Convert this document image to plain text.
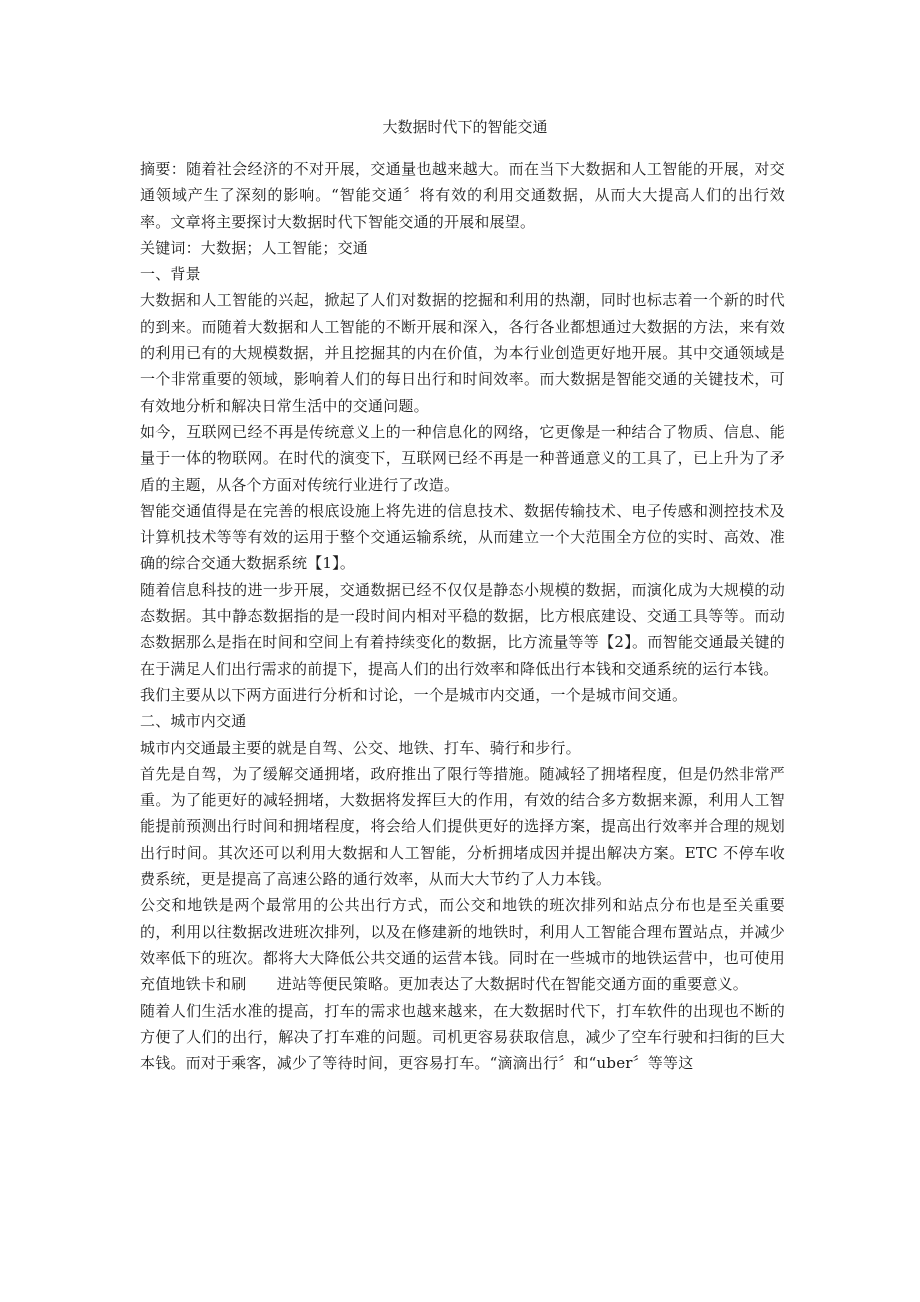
大数据时代下的智能交通

摘要：随着社会经济的不对开展，交通量也越来越大。而在当下大数据和人工智能的开展，对交通领域产生了深刻的影响。“智能交通〞将有效的利用交通数据，从而大大提高人们的出行效率。文章将主要探讨大数据时代下智能交通的开展和展望。

关键词：大数据；人工智能；交通

一、背景

大数据和人工智能的兴起，掀起了人们对数据的挖掘和利用的热潮，同时也标志着一个新的时代的到来。而随着大数据和人工智能的不断开展和深入，各行各业都想通过大数据的方法，来有效的利用已有的大规模数据，并且挖掘其的内在价值，为本行业创造更好地开展。其中交通领域是一个非常重要的领域，影响着人们的每日出行和时间效率。而大数据是智能交通的关键技术，可有效地分析和解决日常生活中的交通问题。

如今，互联网已经不再是传统意义上的一种信息化的网络，它更像是一种结合了物质、信息、能量于一体的物联网。在时代的演变下，互联网已经不再是一种普通意义的工具了，已上升为了矛盾的主题，从各个方面对传统行业进行了改造。

智能交通值得是在完善的根底设施上将先进的信息技术、数据传输技术、电子传感和测控技术及计算机技术等等有效的运用于整个交通运输系统，从而建立一个大范围全方位的实时、高效、准确的综合交通大数据系统【1】。

随着信息科技的进一步开展，交通数据已经不仅仅是静态小规模的数据，而演化成为大规模的动态数据。其中静态数据指的是一段时间内相对平稳的数据，比方根底建设、交通工具等等。而动态数据那么是指在时间和空间上有着持续变化的数据，比方流量等等【2】。而智能交通最关键的在于满足人们出行需求的前提下，提高人们的出行效率和降低出行本钱和交通系统的运行本钱。

我们主要从以下两方面进行分析和讨论，一个是城市内交通，一个是城市间交通。

二、城市内交通

城市内交通最主要的就是自驾、公交、地铁、打车、骑行和步行。

首先是自驾，为了缓解交通拥堵，政府推出了限行等措施。随减轻了拥堵程度，但是仍然非常严重。为了能更好的减轻拥堵，大数据将发挥巨大的作用，有效的结合多方数据来源，利用人工智能提前预测出行时间和拥堵程度，将会给人们提供更好的选择方案，提高出行效率并合理的规划出行时间。其次还可以利用大数据和人工智能，分析拥堵成因并提出解决方案。ETC 不停车收费系统，更是提高了高速公路的通行效率，从而大大节约了人力本钱。

公交和地铁是两个最常用的公共出行方式，而公交和地铁的班次排列和站点分布也是至关重要的，利用以往数据改进班次排列，以及在修建新的地铁时，利用人工智能合理布置站点，并减少效率低下的班次。都将大大降低公共交通的运营本钱。同时在一些城市的地铁运营中，也可使用　　充值地铁卡和刷　　进站等便民策略。更加表达了大数据时代在智能交通方面的重要意义。

随着人们生活水准的提高，打车的需求也越来越来，在大数据时代下，打车软件的出现也不断的方便了人们的出行，解决了打车难的问题。司机更容易获取信息，减少了空车行驶和扫街的巨大本钱。而对于乘客，减少了等待时间，更容易打车。“滴滴出行〞和“uber〞等等这
